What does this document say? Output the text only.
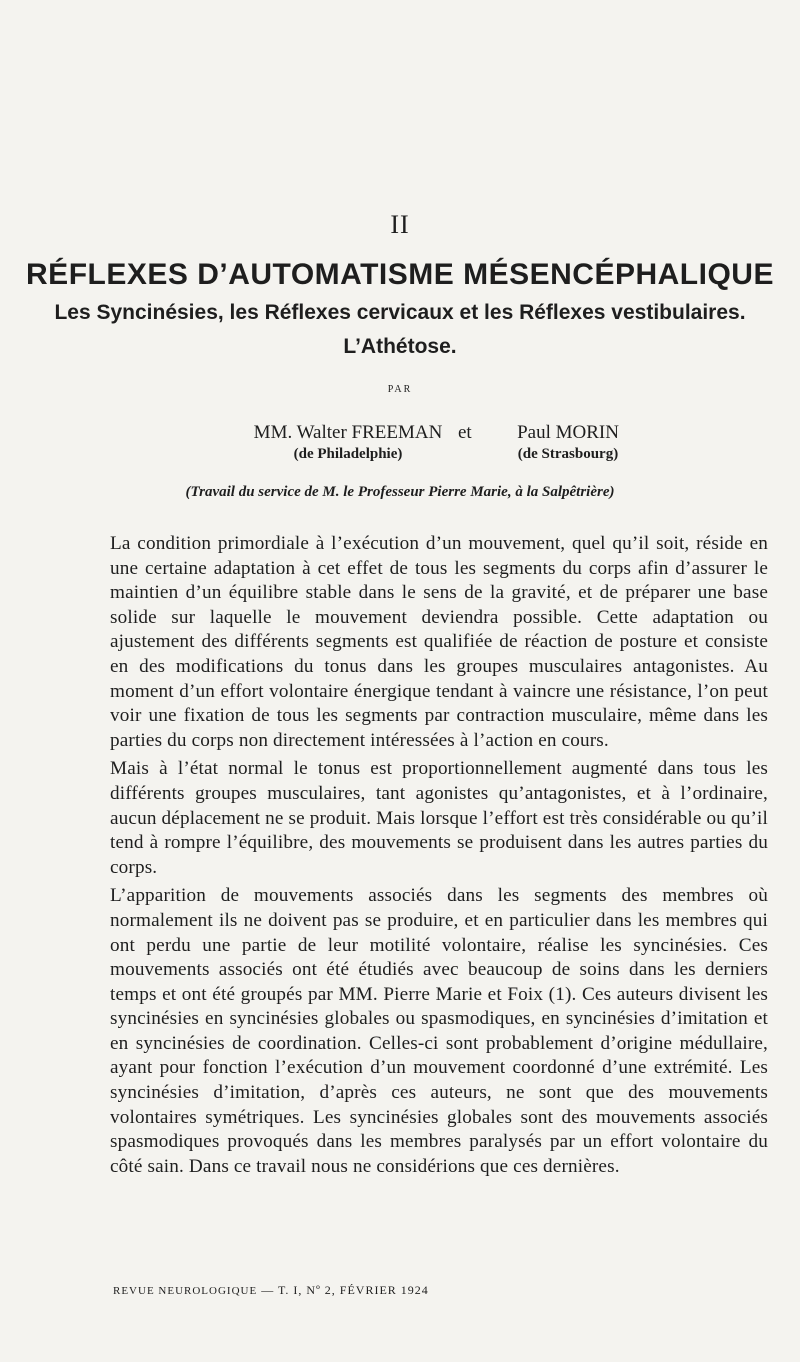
II
RÉFLEXES D’AUTOMATISME MÉSENCÉPHALIQUE
Les Syncinésies, les Réflexes cervicaux et les Réflexes vestibulaires.
L’Athétose.
PAR
MM. Walter FREEMAN
(de Philadelphie)
et	Paul MORIN
(de Strasbourg)
(Travail du service de M. le Professeur Pierre Marie, à la Salpêtrière)

La condition primordiale à l’exécution d’un mouvement, quel qu’il soit, réside en une certaine adaptation à cet effet de tous les segments du corps afin d’assurer le maintien d’un équilibre stable dans le sens de la gravité, et de préparer une base solide sur laquelle le mouvement deviendra possible. Cette adaptation ou ajustement des différents segments est qualifiée de réaction de posture et consiste en des modifications du tonus dans les groupes musculaires antagonistes. Au moment d’un effort volontaire énergique tendant à vaincre une résistance, l’on peut voir une fixation de tous les segments par contraction musculaire, même dans les parties du corps non directement intéressées à l’action en cours.

Mais à l’état normal le tonus est proportionnellement augmenté dans tous les différents groupes musculaires, tant agonistes qu’antagonistes, et à l’ordinaire, aucun déplacement ne se produit. Mais lorsque l’effort est très considérable ou qu’il tend à rompre l’équilibre, des mouvements se produisent dans les autres parties du corps.

L’apparition de mouvements associés dans les segments des membres où normalement ils ne doivent pas se produire, et en particulier dans les membres qui ont perdu une partie de leur motilité volontaire, réalise les syncinésies. Ces mouvements associés ont été étudiés avec beaucoup de soins dans les derniers temps et ont été groupés par MM. Pierre Marie et Foix (1). Ces auteurs divisent les syncinésies en syncinésies globales ou spasmodiques, en syncinésies d’imitation et en syncinésies de coordination. Celles-ci sont probablement d’origine médullaire, ayant pour fonction l’exécution d’un mouvement coordonné d’une extrémité. Les syncinésies d’imitation, d’après ces auteurs, ne sont que des mouvements volontaires symétriques. Les syncinésies globales sont des mouvements associés spasmodiques provoqués dans les membres paralysés par un effort volontaire du côté sain. Dans ce travail nous ne considérions que ces dernières.

REVUE NEUROLOGIQUE — T. I, Nº 2, FÉVRIER 1924
